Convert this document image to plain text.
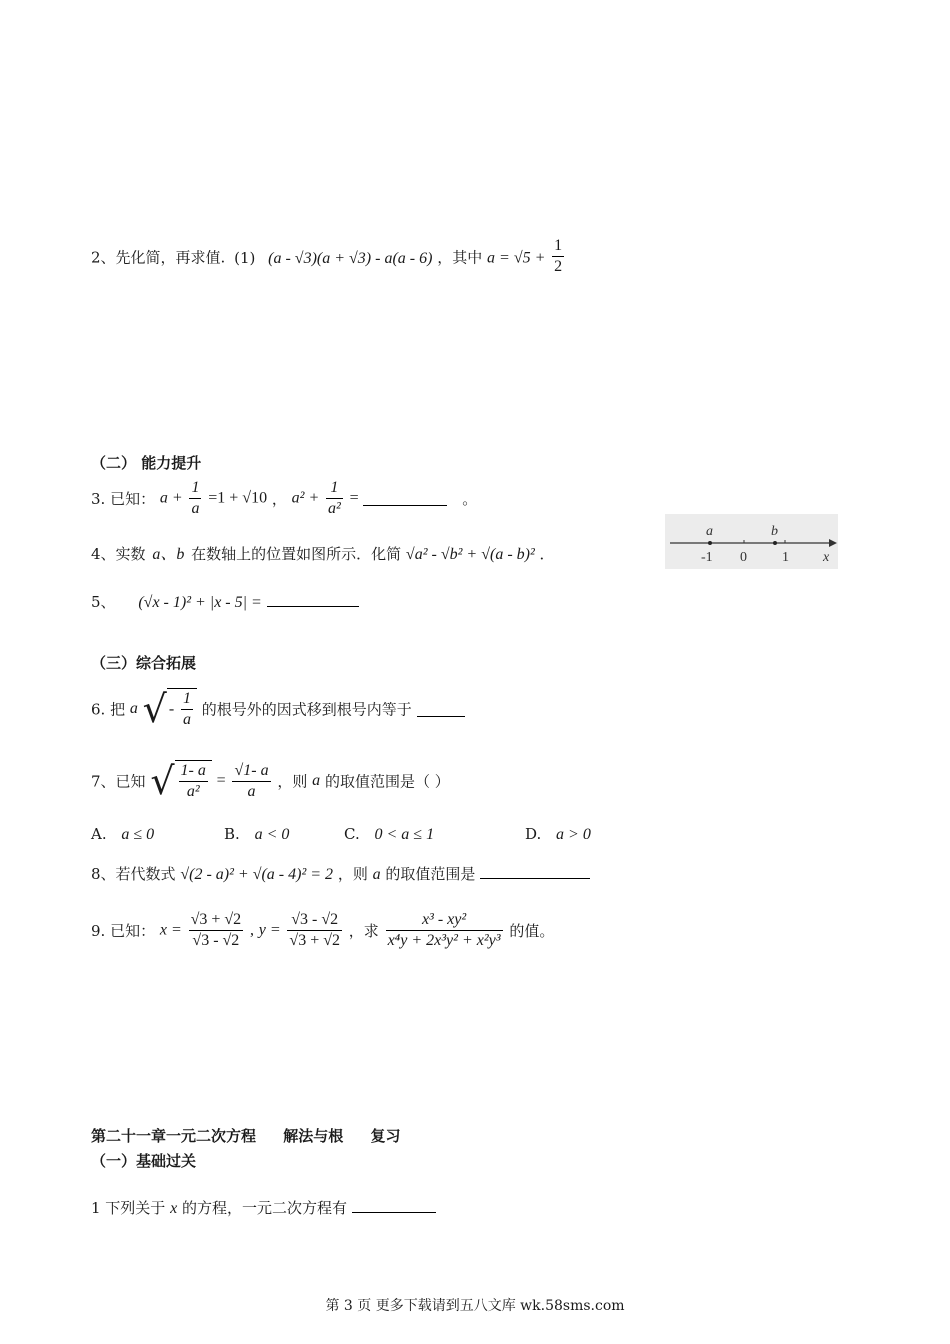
2、先化简，再求值. (1) (a - √3)(a + √3) - a(a - 6) ，其中 $a = √5 + \frac{1}{2}$
（二） 能力提升
3. 已知： $a + \frac{1}{a} =1 + √10$ ， $a^2 + \frac{1}{\text{a²}}$ =	。
4、实数 a、b 在数轴上的位置如图所示．化简 √a² - √b² + √(a - b)² ．
a	b
-1 0	1 x
5、 (√x - 1)² + |x - 5| =
（三）综合拓展
6. 把 a √ - $\frac{1}{a}$ 的根号外的因式移到根号内等于
7、已知 √ $\frac{1- a}{\text{a²}} = \frac{√1- a}{a}$ ，则 a 的取值范围是（ ）
A. a ≤ 0	B. a < 0	C. 0 < a ≤ 1	D. a > 0
8、若代数式 √(2 - a)² + √(a - 4)² = 2 ，则 a 的取值范围是
9. 已知： $x = \frac{√3 + √2}{√3 - √2}$ , $y = \frac{√3 - √2}{√3 + √2}$ ，求 $\frac{\text{x³ - xy²}}{\text{x⁴y + 2x³y² + x²y³}}$ 的值。
第二十一章一元二次方程 解法与根 复习
（一）基础过关
1 下列关于 x 的方程，一元二次方程有
第 3 页 更多下载请到五八文库 wk.58sms.com
